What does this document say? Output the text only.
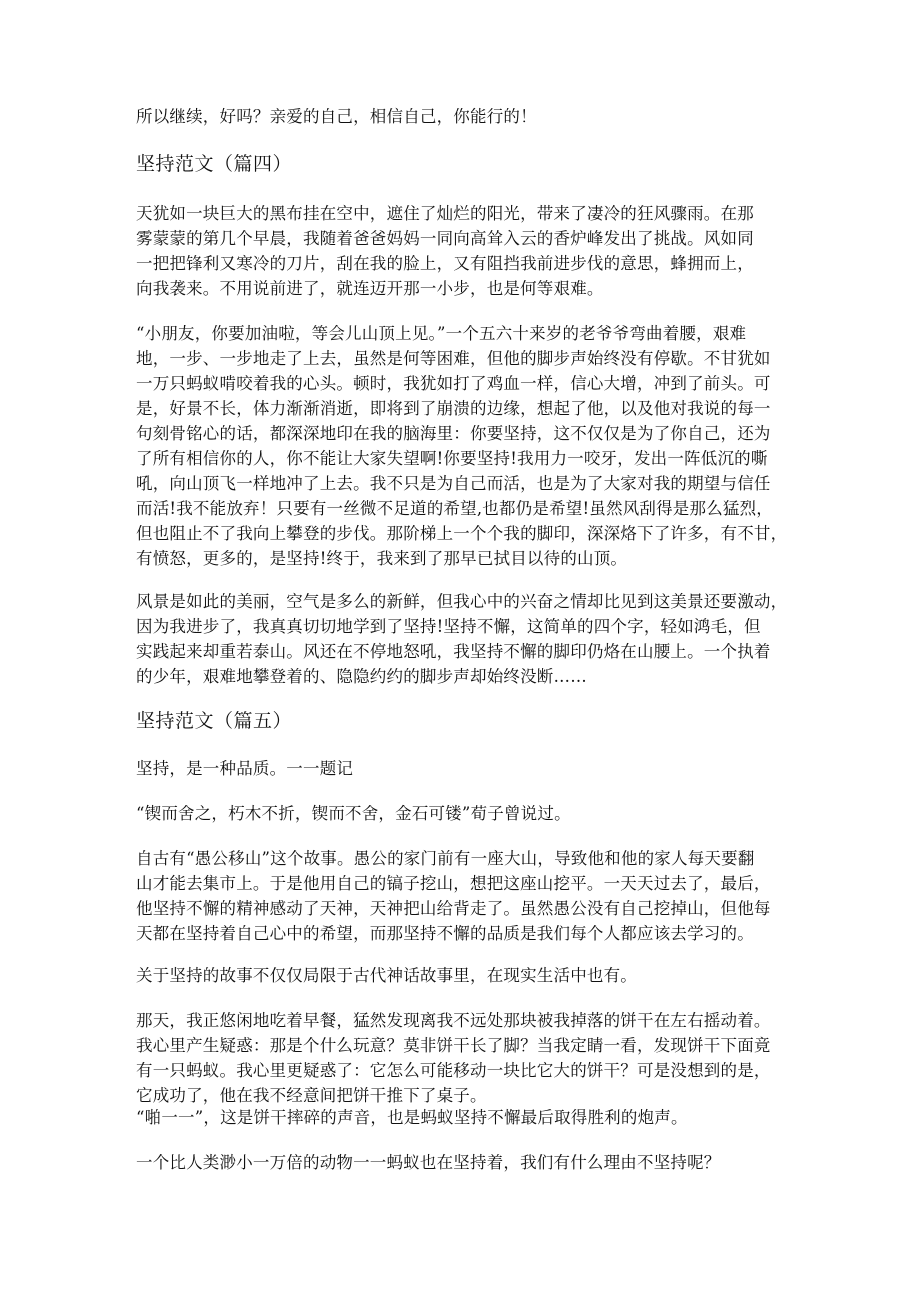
所以继续，好吗？亲爱的自己，相信自己，你能行的！
坚持范文（篇四）
天犹如一块巨大的黑布挂在空中，遮住了灿烂的阳光，带来了凄冷的狂风骤雨。在那
雾蒙蒙的第几个早晨，我随着爸爸妈妈一同向高耸入云的香炉峰发出了挑战。风如同
一把把锋利又寒冷的刀片，刮在我的脸上，又有阻挡我前进步伐的意思，蜂拥而上，
向我袭来。不用说前进了，就连迈开那一小步，也是何等艰难。
“小朋友，你要加油啦，等会儿山顶上见。”一个五六十来岁的老爷爷弯曲着腰，艰难
地，一步、一步地走了上去，虽然是何等困难，但他的脚步声始终没有停歇。不甘犹如
一万只蚂蚁啃咬着我的心头。顿时，我犹如打了鸡血一样，信心大增，冲到了前头。可
是，好景不长，体力渐渐消逝，即将到了崩溃的边缘，想起了他，以及他对我说的每一
句刻骨铭心的话，都深深地印在我的脑海里：你要坚持，这不仅仅是为了你自己，还为
了所有相信你的人，你不能让大家失望啊!你要坚持!我用力一咬牙，发出一阵低沉的嘶
吼，向山顶飞一样地冲了上去。我不只是为自己而活，也是为了大家对我的期望与信任
而活!我不能放弃！只要有一丝微不足道的希望,也都仍是希望!虽然风刮得是那么猛烈，
但也阻止不了我向上攀登的步伐。那阶梯上一个个我的脚印，深深烙下了许多，有不甘，
有愤怒，更多的，是坚持!终于，我来到了那早已拭目以待的山顶。
风景是如此的美丽，空气是多么的新鲜，但我心中的兴奋之情却比见到这美景还要激动，
因为我进步了，我真真切切地学到了坚持!坚持不懈，这简单的四个字，轻如鸿毛，但
实践起来却重若泰山。风还在不停地怒吼，我坚持不懈的脚印仍烙在山腰上。一个执着
的少年，艰难地攀登着的、隐隐约约的脚步声却始终没断……
坚持范文（篇五）
坚持，是一种品质。一一题记
“锲而舍之，朽木不折，锲而不舍，金石可镂”荀子曾说过。
自古有“愚公移山”这个故事。愚公的家门前有一座大山，导致他和他的家人每天要翻
山才能去集市上。于是他用自己的镐子挖山，想把这座山挖平。一天天过去了，最后，
他坚持不懈的精神感动了天神，天神把山给背走了。虽然愚公没有自己挖掉山，但他每
天都在坚持着自己心中的希望，而那坚持不懈的品质是我们每个人都应该去学习的。
关于坚持的故事不仅仅局限于古代神话故事里，在现实生活中也有。
那天，我正悠闲地吃着早餐，猛然发现离我不远处那块被我掉落的饼干在左右摇动着。
我心里产生疑惑：那是个什么玩意？莫非饼干长了脚？当我定睛一看，发现饼干下面竟
有一只蚂蚁。我心里更疑惑了：它怎么可能移动一块比它大的饼干？可是没想到的是，
它成功了，他在我不经意间把饼干推下了桌子。
“啪一一”，这是饼干摔碎的声音，也是蚂蚁坚持不懈最后取得胜利的炮声。
一个比人类渺小一万倍的动物一一蚂蚁也在坚持着，我们有什么理由不坚持呢？
